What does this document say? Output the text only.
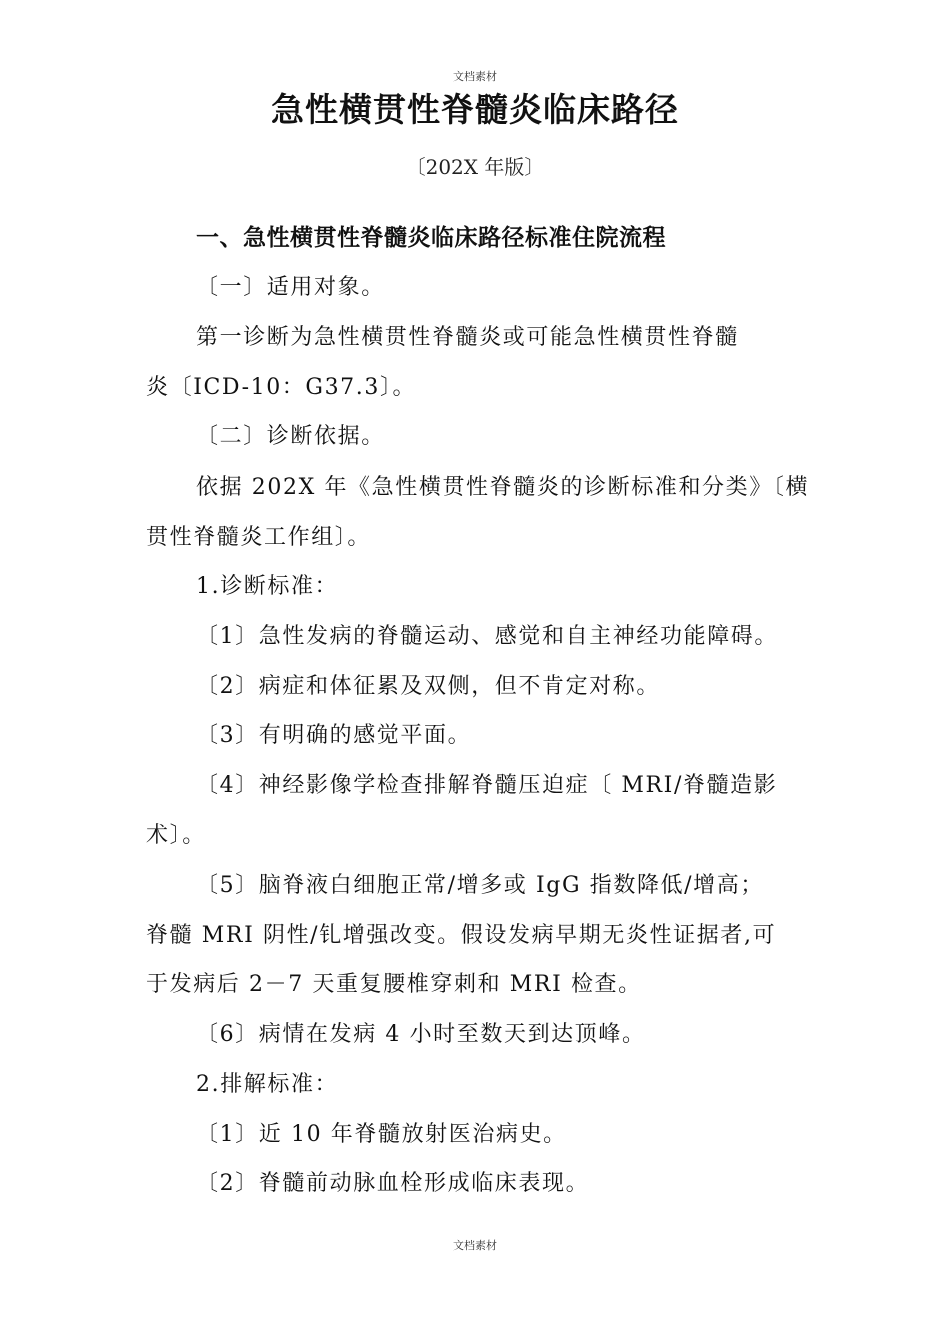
文档素材
急性横贯性脊髓炎临床路径
〔202X 年版〕
一、急性横贯性脊髓炎临床路径标准住院流程
〔一〕适用对象。
第一诊断为急性横贯性脊髓炎或可能急性横贯性脊髓
炎〔ICD-10：G37.3〕。
〔二〕诊断依据。
依据 202X 年《急性横贯性脊髓炎的诊断标准和分类》〔横
贯性脊髓炎工作组〕。
1.诊断标准：
〔1〕急性发病的脊髓运动、感觉和自主神经功能障碍。
〔2〕病症和体征累及双侧，但不肯定对称。
〔3〕有明确的感觉平面。
〔4〕神经影像学检查排解脊髓压迫症〔 MRI/脊髓造影
术〕。
〔5〕脑脊液白细胞正常/增多或 IgG 指数降低/增高；
脊髓 MRI 阴性/钆增强改变。假设发病早期无炎性证据者,可
于发病后 2－7 天重复腰椎穿刺和 MRI 检查。
〔6〕病情在发病 4 小时至数天到达顶峰。
2.排解标准：
〔1〕近 10 年脊髓放射医治病史。
〔2〕脊髓前动脉血栓形成临床表现。
文档素材
